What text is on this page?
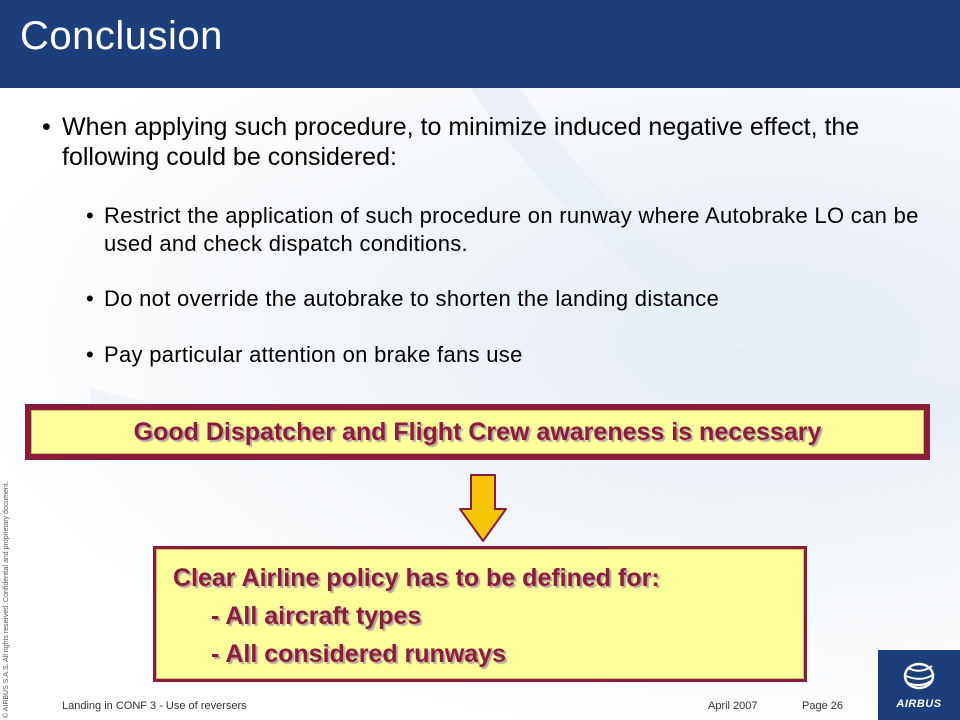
Conclusion
• When applying such procedure, to minimize induced negative effect, the following could be considered:
• Restrict the application of such procedure on runway where Autobrake LO can be used and check dispatch conditions.
• Do not override the autobrake to shorten the landing distance
• Pay particular attention on brake fans use
Good Dispatcher and Flight Crew awareness is necessary
Clear Airline policy has to be defined for:
- All aircraft types
- All considered runways
© AIRBUS S.A.S. All rights reserved. Confidential and proprietary document.	Landing in CONF 3 - Use of reversers	April 2007	Page 26	AIRBUS
